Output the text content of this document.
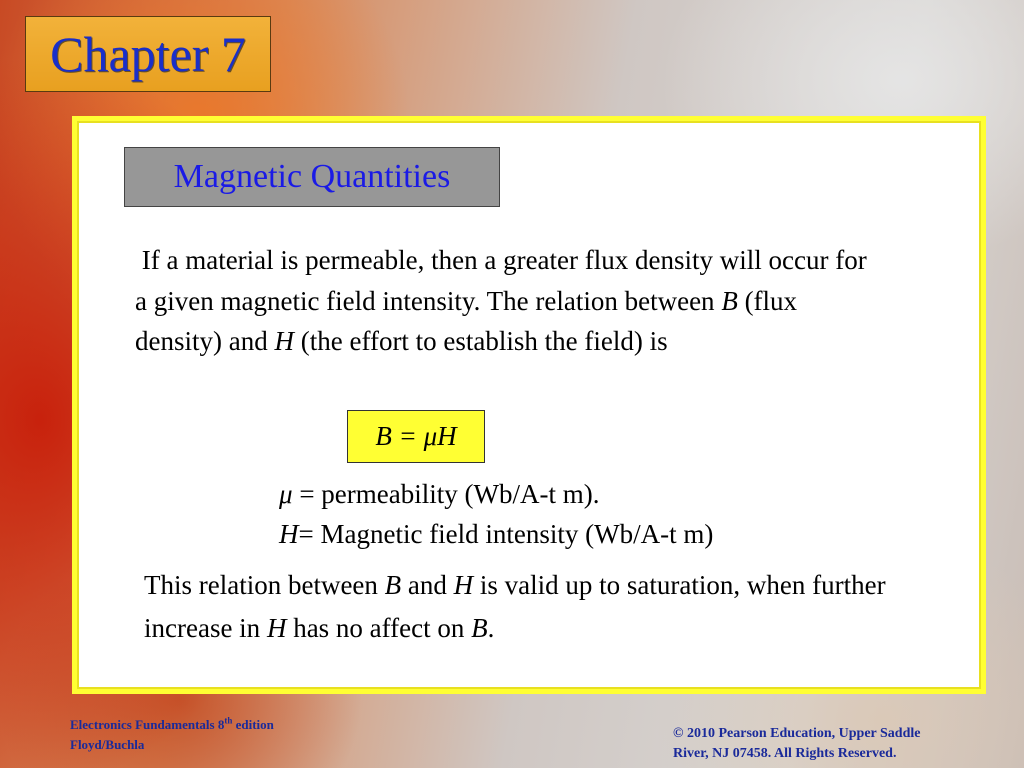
Chapter 7
Magnetic Quantities
If a material is permeable, then a greater flux density will occur for a given magnetic field intensity. The relation between B (flux density) and H (the effort to establish the field) is
B = μH
μ = permeability (Wb/A-t m).
H= Magnetic field intensity (Wb/A-t m)
This relation between B and H is valid up to saturation, when further increase in H has no affect on B.
Electronics Fundamentals 8th edition
Floyd/Buchla
© 2010 Pearson Education, Upper Saddle
River, NJ 07458. All Rights Reserved.
